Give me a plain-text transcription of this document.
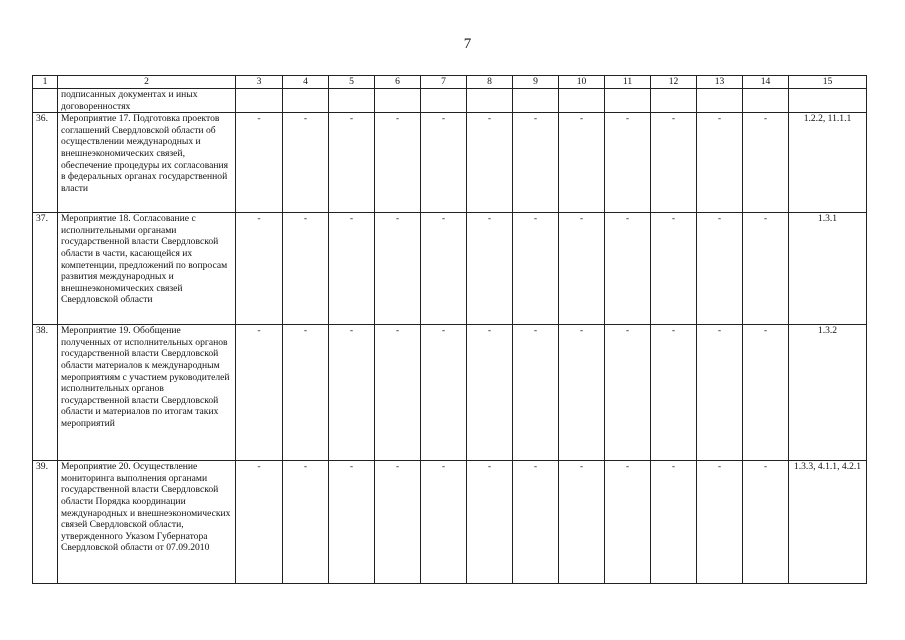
7
1	2	3	4	5	6	7	8	9	10	11	12	13	14	15
	подписанных документах и иных договоренностях													
36.	Мероприятие 17. Подготовка проектов соглашений Свердловской области об осуществлении международных и внешнеэкономических связей, обеспечение процедуры их согласования в федеральных органах государственной власти	-	-	-	-	-	-	-	-	-	-	-	-	1.2.2, 11.1.1
37.	Мероприятие 18. Согласование с исполнительными органами государственной власти Свердловской области в части, касающейся их компетенции, предложений по вопросам развития международных и внешнеэкономических связей Свердловской области	-	-	-	-	-	-	-	-	-	-	-	-	1.3.1
38.	Мероприятие 19. Обобщение полученных от исполнительных органов государственной власти Свердловской области материалов к международным мероприятиям с участием руководителей исполнительных органов государственной власти Свердловской области и материалов по итогам таких мероприятий	-	-	-	-	-	-	-	-	-	-	-	-	1.3.2
39.	Мероприятие 20. Осуществление мониторинга выполнения органами государственной власти Свердловской области Порядка координации международных и внешнеэкономических связей Свердловской области, утвержденного Указом Губернатора Свердловской области от 07.09.2010	-	-	-	-	-	-	-	-	-	-	-	-	1.3.3, 4.1.1, 4.2.1
